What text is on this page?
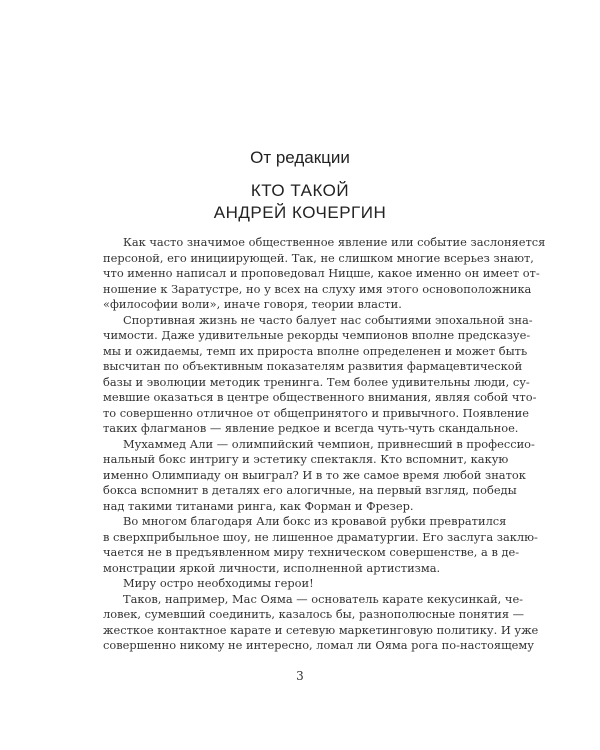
От редакции
КТО ТАКОЙ
АНДРЕЙ КОЧЕРГИН
Как часто значимое общественное явление или событие заслоняется
персоной, его инициирующей. Так, не слишком многие всерьез знают,
что именно написал и проповедовал Ницше, какое именно он имеет от-
ношение к Заратустре, но у всех на слуху имя этого основоположника
«философии воли», иначе говоря, теории власти.
Спортивная жизнь не часто балует нас событиями эпохальной зна-
чимости. Даже удивительные рекорды чемпионов вполне предсказуе-
мы и ожидаемы, темп их прироста вполне определенен и может быть
высчитан по объективным показателям развития фармацевтической
базы и эволюции методик тренинга. Тем более удивительны люди, су-
мевшие оказаться в центре общественного внимания, являя собой что-
то совершенно отличное от общепринятого и привычного. Появление
таких флагманов — явление редкое и всегда чуть-чуть скандальное.
Мухаммед Али — олимпийский чемпион, привнесший в профессио-
нальный бокс интригу и эстетику спектакля. Кто вспомнит, какую
именно Олимпиаду он выиграл? И в то же самое время любой знаток
бокса вспомнит в деталях его алогичные, на первый взгляд, победы
над такими титанами ринга, как Форман и Фрезер.
Во многом благодаря Али бокс из кровавой рубки превратился
в сверхприбыльное шоу, не лишенное драматургии. Его заслуга заклю-
чается не в предъявленном миру техническом совершенстве, а в де-
монстрации яркой личности, исполненной артистизма.
Миру остро необходимы герои!
Таков, например, Мас Ояма — основатель карате кекусинкай, че-
ловек, сумевший соединить, казалось бы, разнополюсные понятия —
жесткое контактное карате и сетевую маркетинговую политику. И уже
совершенно никому не интересно, ломал ли Ояма рога по-настоящему
3
